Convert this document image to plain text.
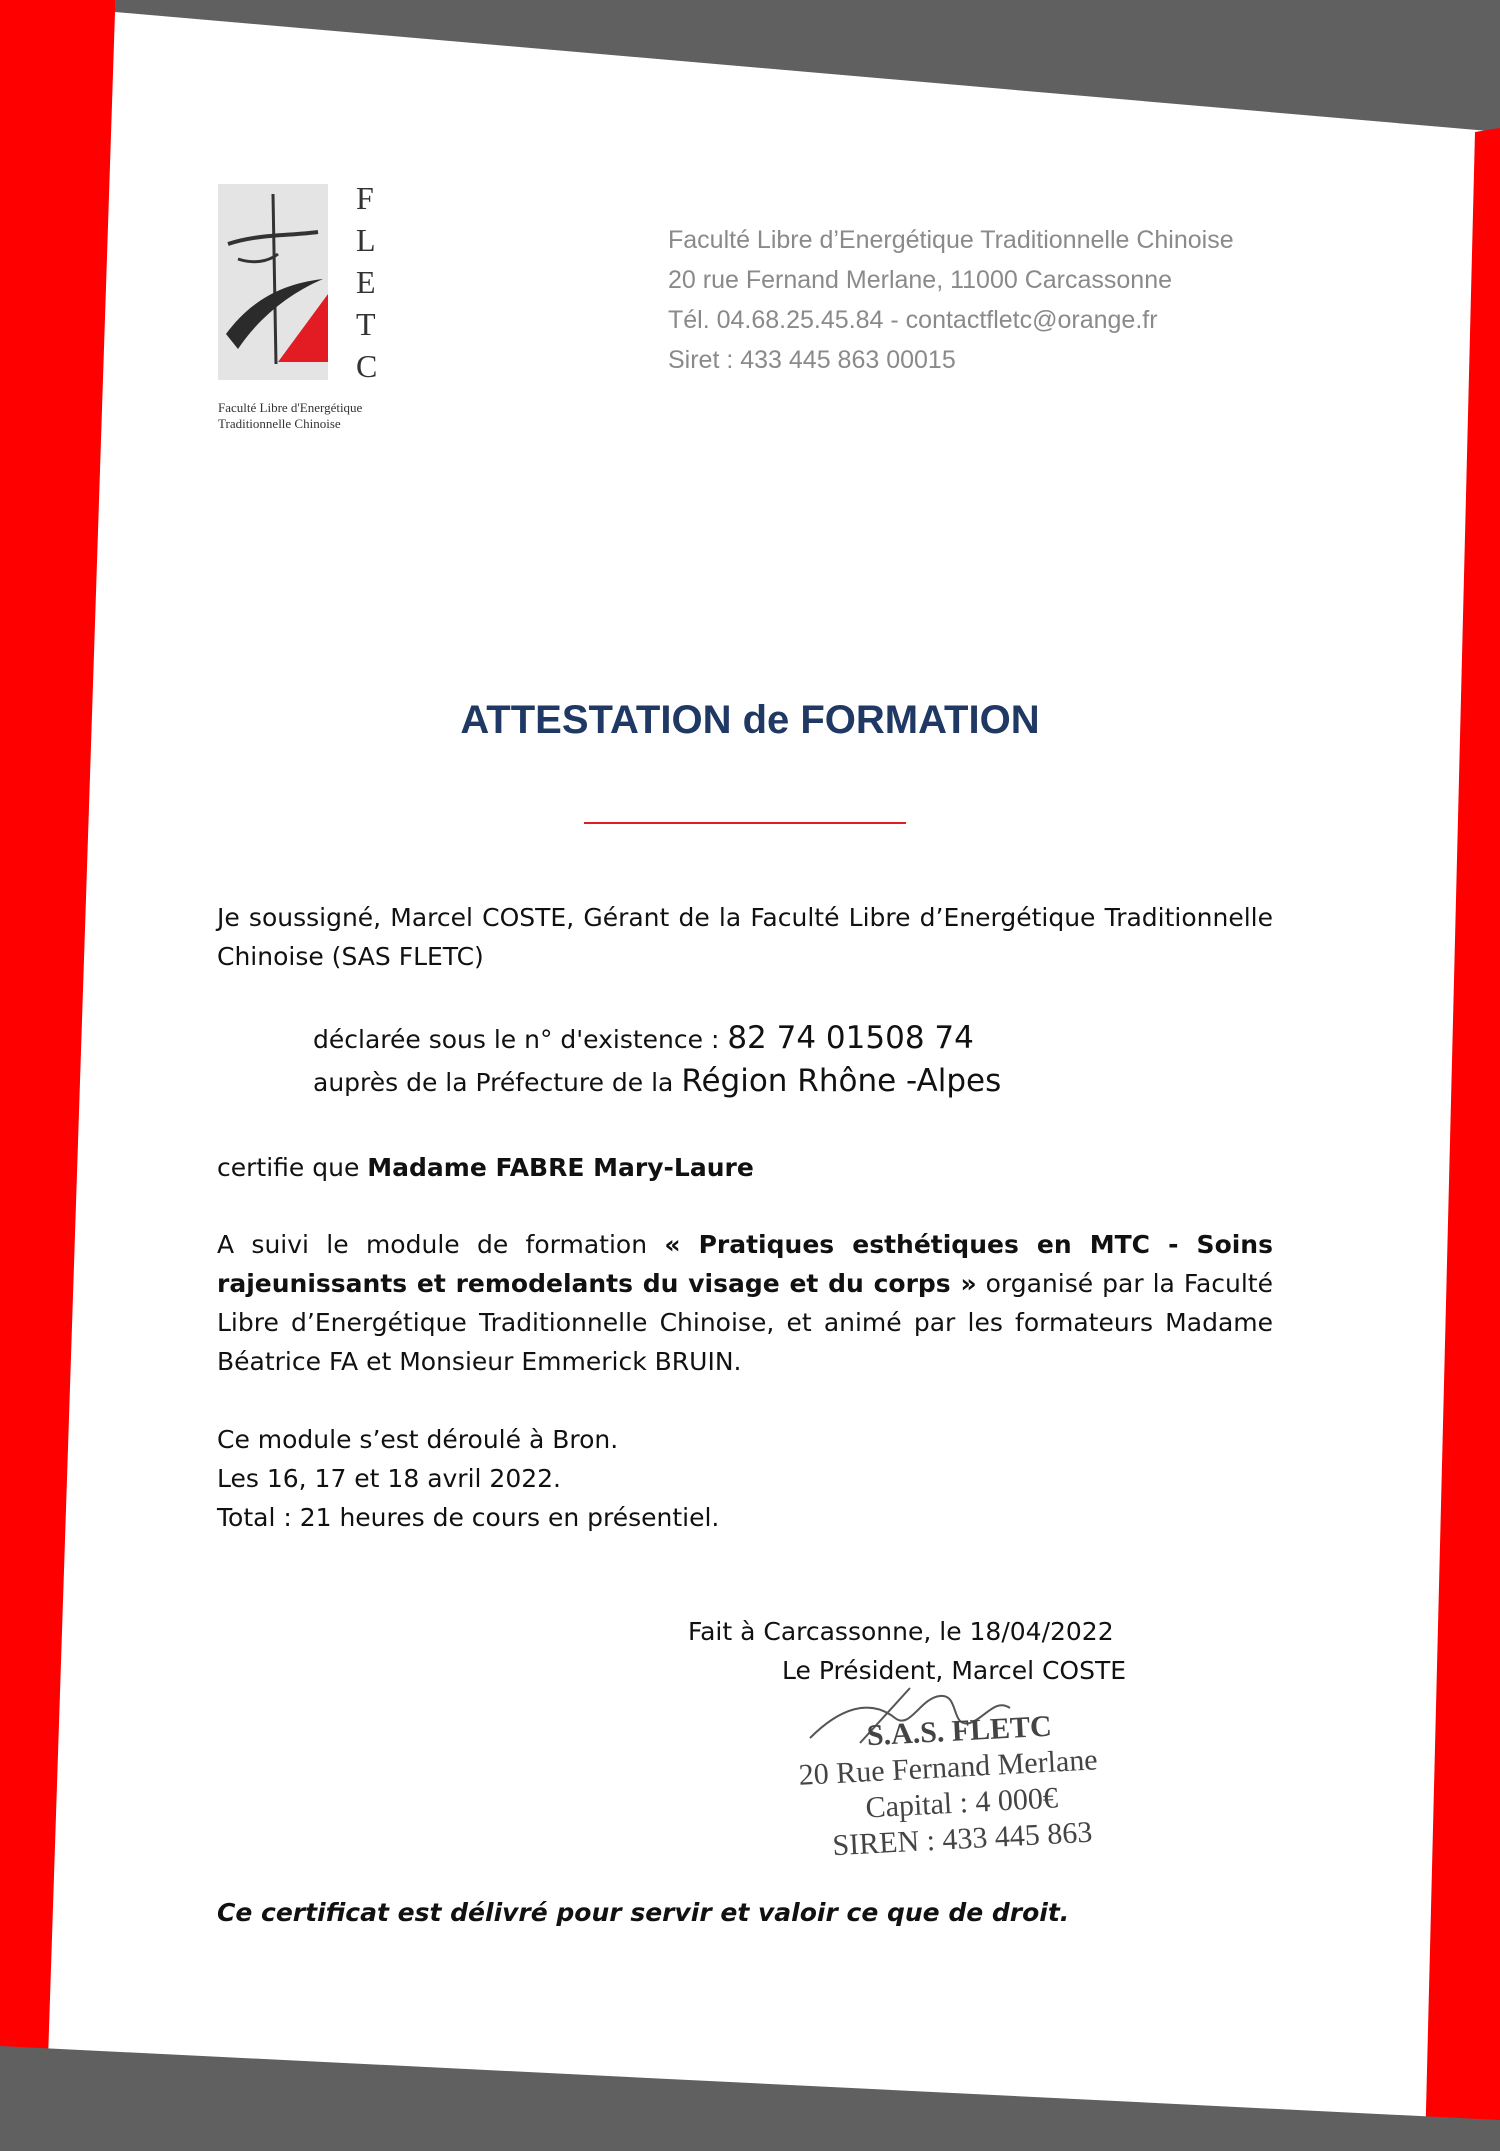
F
L
E
T
C
Faculté Libre d'Energétique
Traditionnelle Chinoise
Faculté Libre d’Energétique Traditionnelle Chinoise
20 rue Fernand Merlane, 11000 Carcassonne
Tél. 04.68.25.45.84 - contactfletc@orange.fr
Siret : 433 445 863 00015
ATTESTATION de FORMATION
Je soussigné, Marcel COSTE, Gérant de la Faculté Libre d’Energétique Traditionnelle Chinoise (SAS FLETC)
déclarée sous le n° d'existence : 82 74 01508 74
auprès de la Préfecture de la Région Rhône -Alpes
certifie que Madame FABRE Mary-Laure
A suivi le module de formation « Pratiques esthétiques en MTC - Soins rajeunissants et remodelants du visage et du corps » organisé par la Faculté Libre d’Energétique Traditionnelle Chinoise, et animé par les formateurs Madame Béatrice FA et Monsieur Emmerick BRUIN.
Ce module s’est déroulé à Bron.
Les 16, 17 et 18 avril 2022.
Total : 21 heures de cours en présentiel.
Fait à Carcassonne, le 18/04/2022
Le Président, Marcel COSTE
S.A.S. FLETC
20 Rue Fernand Merlane
Capital : 4 000€
SIREN : 433 445 863
Ce certificat est délivré pour servir et valoir ce que de droit.
